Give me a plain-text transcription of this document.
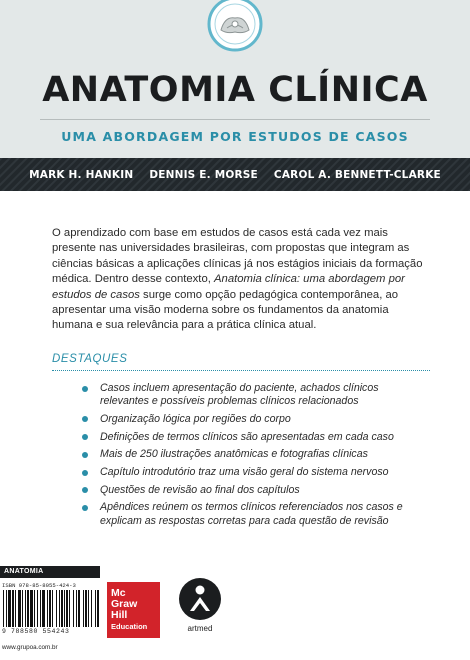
ANATOMIA CLÍNICA
UMA ABORDAGEM POR ESTUDOS DE CASOS
MARK H. HANKIN DENNIS E. MORSE CAROL A. BENNETT-CLARKE

O aprendizado com base em estudos de casos está cada vez mais presente nas universidades brasileiras, com propostas que integram as ciências básicas a aplicações clínicas já nos estágios iniciais da formação médica. Dentro desse contexto, Anatomia clínica: uma abordagem por estudos de casos surge como opção pedagógica contemporânea, ao apresentar uma visão moderna sobre os fundamentos da anatomia humana e sua relevância para a prática clínica atual.

DESTAQUES
Casos incluem apresentação do paciente, achados clínicos relevantes e possíveis problemas clínicos relacionados
Organização lógica por regiões do corpo
Definições de termos clínicos são apresentadas em cada caso
Mais de 250 ilustrações anatômicas e fotografias clínicas
Capítulo introdutório traz uma visão geral do sistema nervoso
Questões de revisão ao final dos capítulos
Apêndices reúnem os termos clínicos referenciados nos casos e explicam as respostas corretas para cada questão de revisão
ANATOMIA
ISBN 978-85-8055-424-3
9 788580 554243
www.grupoa.com.br
Mc
Graw
Hill
Education	artmed
